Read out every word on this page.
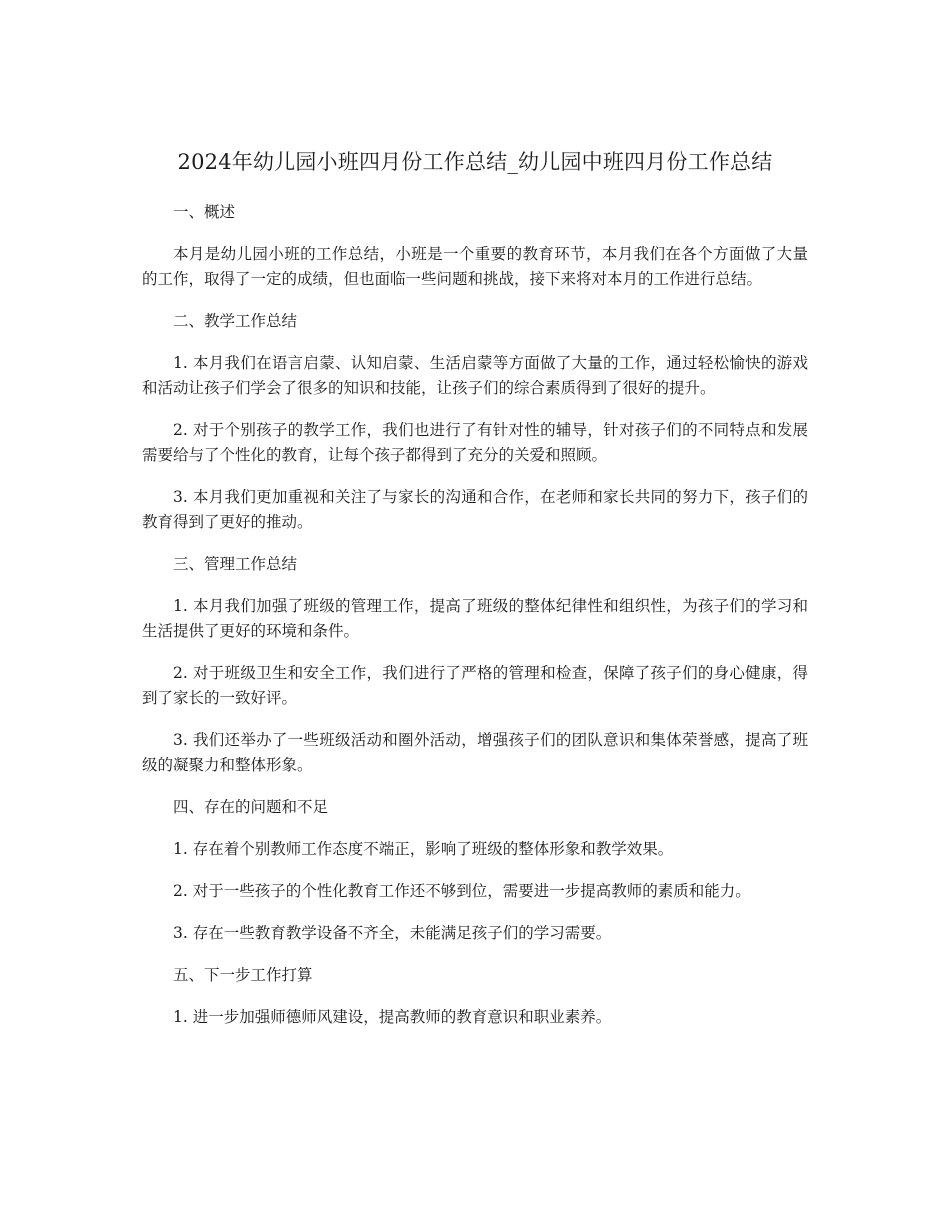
2024年幼儿园小班四月份工作总结_幼儿园中班四月份工作总结
一、概述
本月是幼儿园小班的工作总结，小班是一个重要的教育环节，本月我们在各个方面做了大量的工作，取得了一定的成绩，但也面临一些问题和挑战，接下来将对本月的工作进行总结。
二、教学工作总结
1. 本月我们在语言启蒙、认知启蒙、生活启蒙等方面做了大量的工作，通过轻松愉快的游戏和活动让孩子们学会了很多的知识和技能，让孩子们的综合素质得到了很好的提升。
2. 对于个别孩子的教学工作，我们也进行了有针对性的辅导，针对孩子们的不同特点和发展需要给与了个性化的教育，让每个孩子都得到了充分的关爱和照顾。
3. 本月我们更加重视和关注了与家长的沟通和合作，在老师和家长共同的努力下，孩子们的教育得到了更好的推动。
三、管理工作总结
1. 本月我们加强了班级的管理工作，提高了班级的整体纪律性和组织性，为孩子们的学习和生活提供了更好的环境和条件。
2. 对于班级卫生和安全工作，我们进行了严格的管理和检查，保障了孩子们的身心健康，得到了家长的一致好评。
3. 我们还举办了一些班级活动和圈外活动，增强孩子们的团队意识和集体荣誉感，提高了班级的凝聚力和整体形象。
四、存在的问题和不足
1. 存在着个别教师工作态度不端正，影响了班级的整体形象和教学效果。
2. 对于一些孩子的个性化教育工作还不够到位，需要进一步提高教师的素质和能力。
3. 存在一些教育教学设备不齐全，未能满足孩子们的学习需要。
五、下一步工作打算
1. 进一步加强师德师风建设，提高教师的教育意识和职业素养。
